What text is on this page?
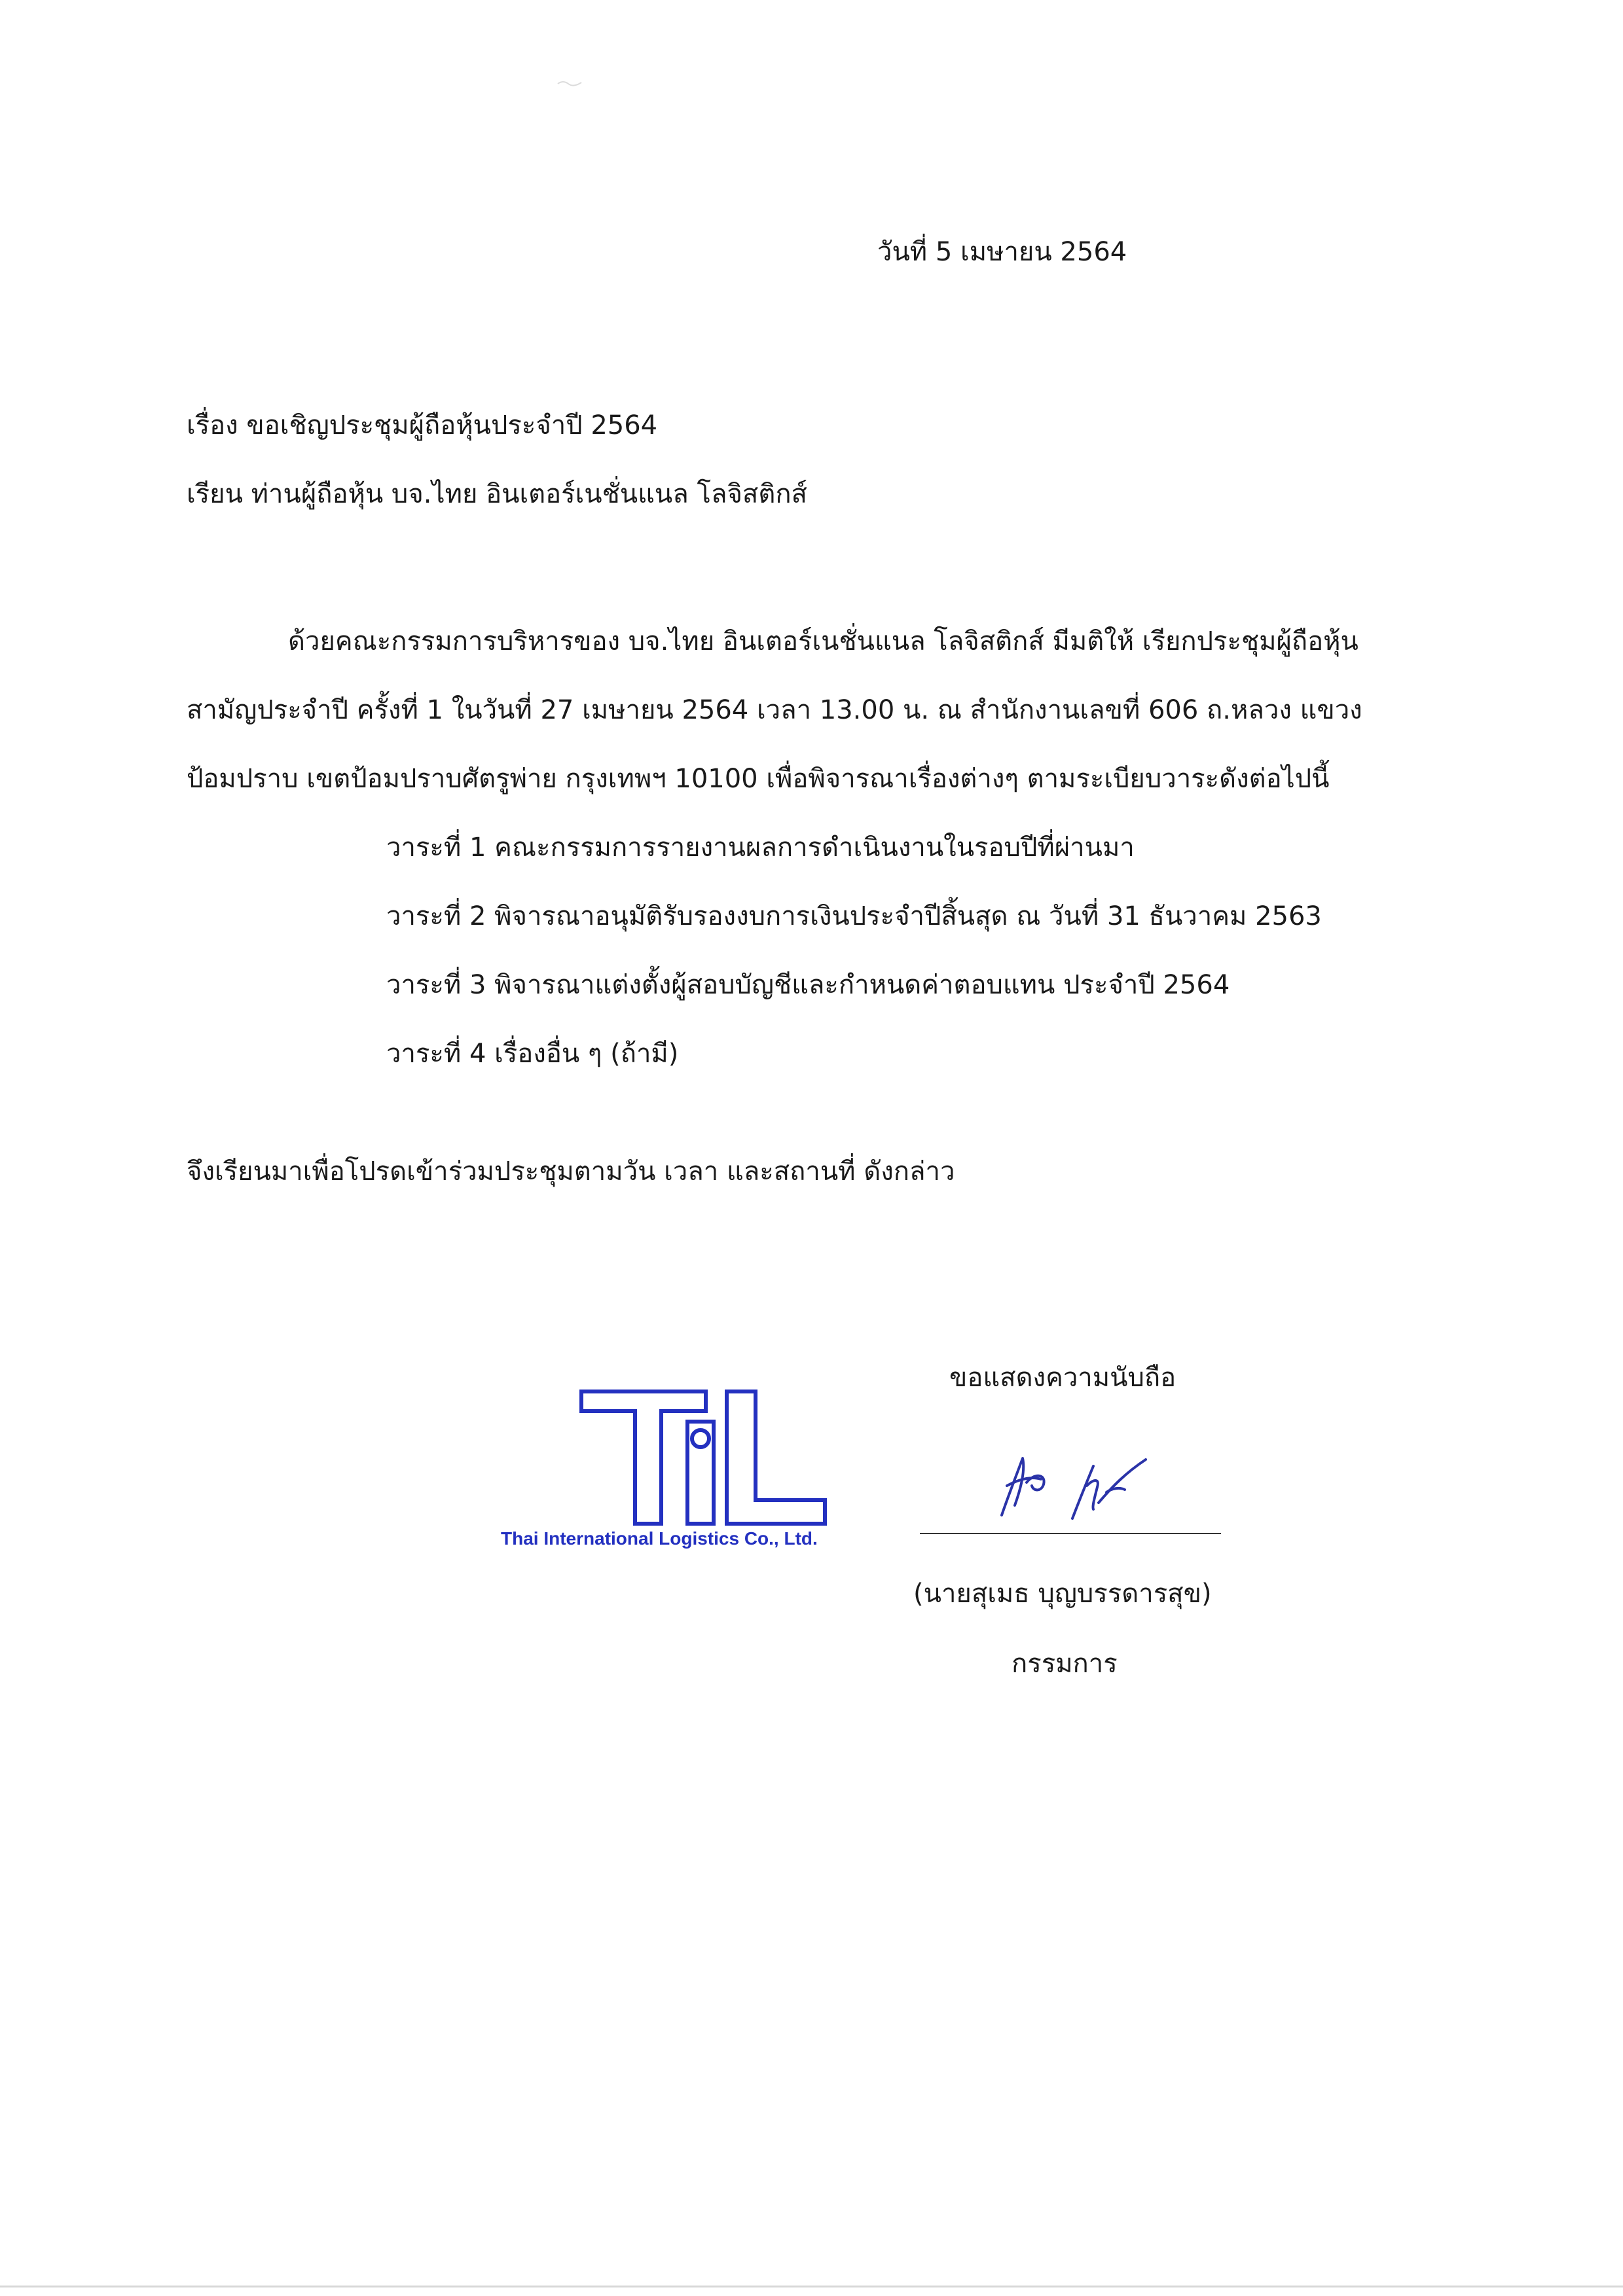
วันที่ 5 เมษายน 2564
เรื่อง ขอเชิญประชุมผู้ถือหุ้นประจำปี 2564
เรียน ท่านผู้ถือหุ้น บจ.ไทย อินเตอร์เนชั่นแนล โลจิสติกส์
ด้วยคณะกรรมการบริหารของ บจ.ไทย อินเตอร์เนชั่นแนล โลจิสติกส์ มีมติให้ เรียกประชุมผู้ถือหุ้น
สามัญประจำปี ครั้งที่ 1 ในวันที่ 27 เมษายน 2564 เวลา 13.00 น. ณ สำนักงานเลขที่ 606 ถ.หลวง แขวง
ป้อมปราบ เขตป้อมปราบศัตรูพ่าย กรุงเทพฯ 10100 เพื่อพิจารณาเรื่องต่างๆ ตามระเบียบวาระดังต่อไปนี้
วาระที่ 1 คณะกรรมการรายงานผลการดำเนินงานในรอบปีที่ผ่านมา
วาระที่ 2 พิจารณาอนุมัติรับรองงบการเงินประจำปีสิ้นสุด ณ วันที่ 31 ธันวาคม 2563
วาระที่ 3 พิจารณาแต่งตั้งผู้สอบบัญชีและกำหนดค่าตอบแทน ประจำปี 2564
วาระที่ 4 เรื่องอื่น ๆ (ถ้ามี)
จึงเรียนมาเพื่อโปรดเข้าร่วมประชุมตามวัน เวลา และสถานที่ ดังกล่าว
ขอแสดงความนับถือ
Thai International Logistics Co., Ltd.
(นายสุเมธ บุญบรรดารสุข)
กรรมการ
